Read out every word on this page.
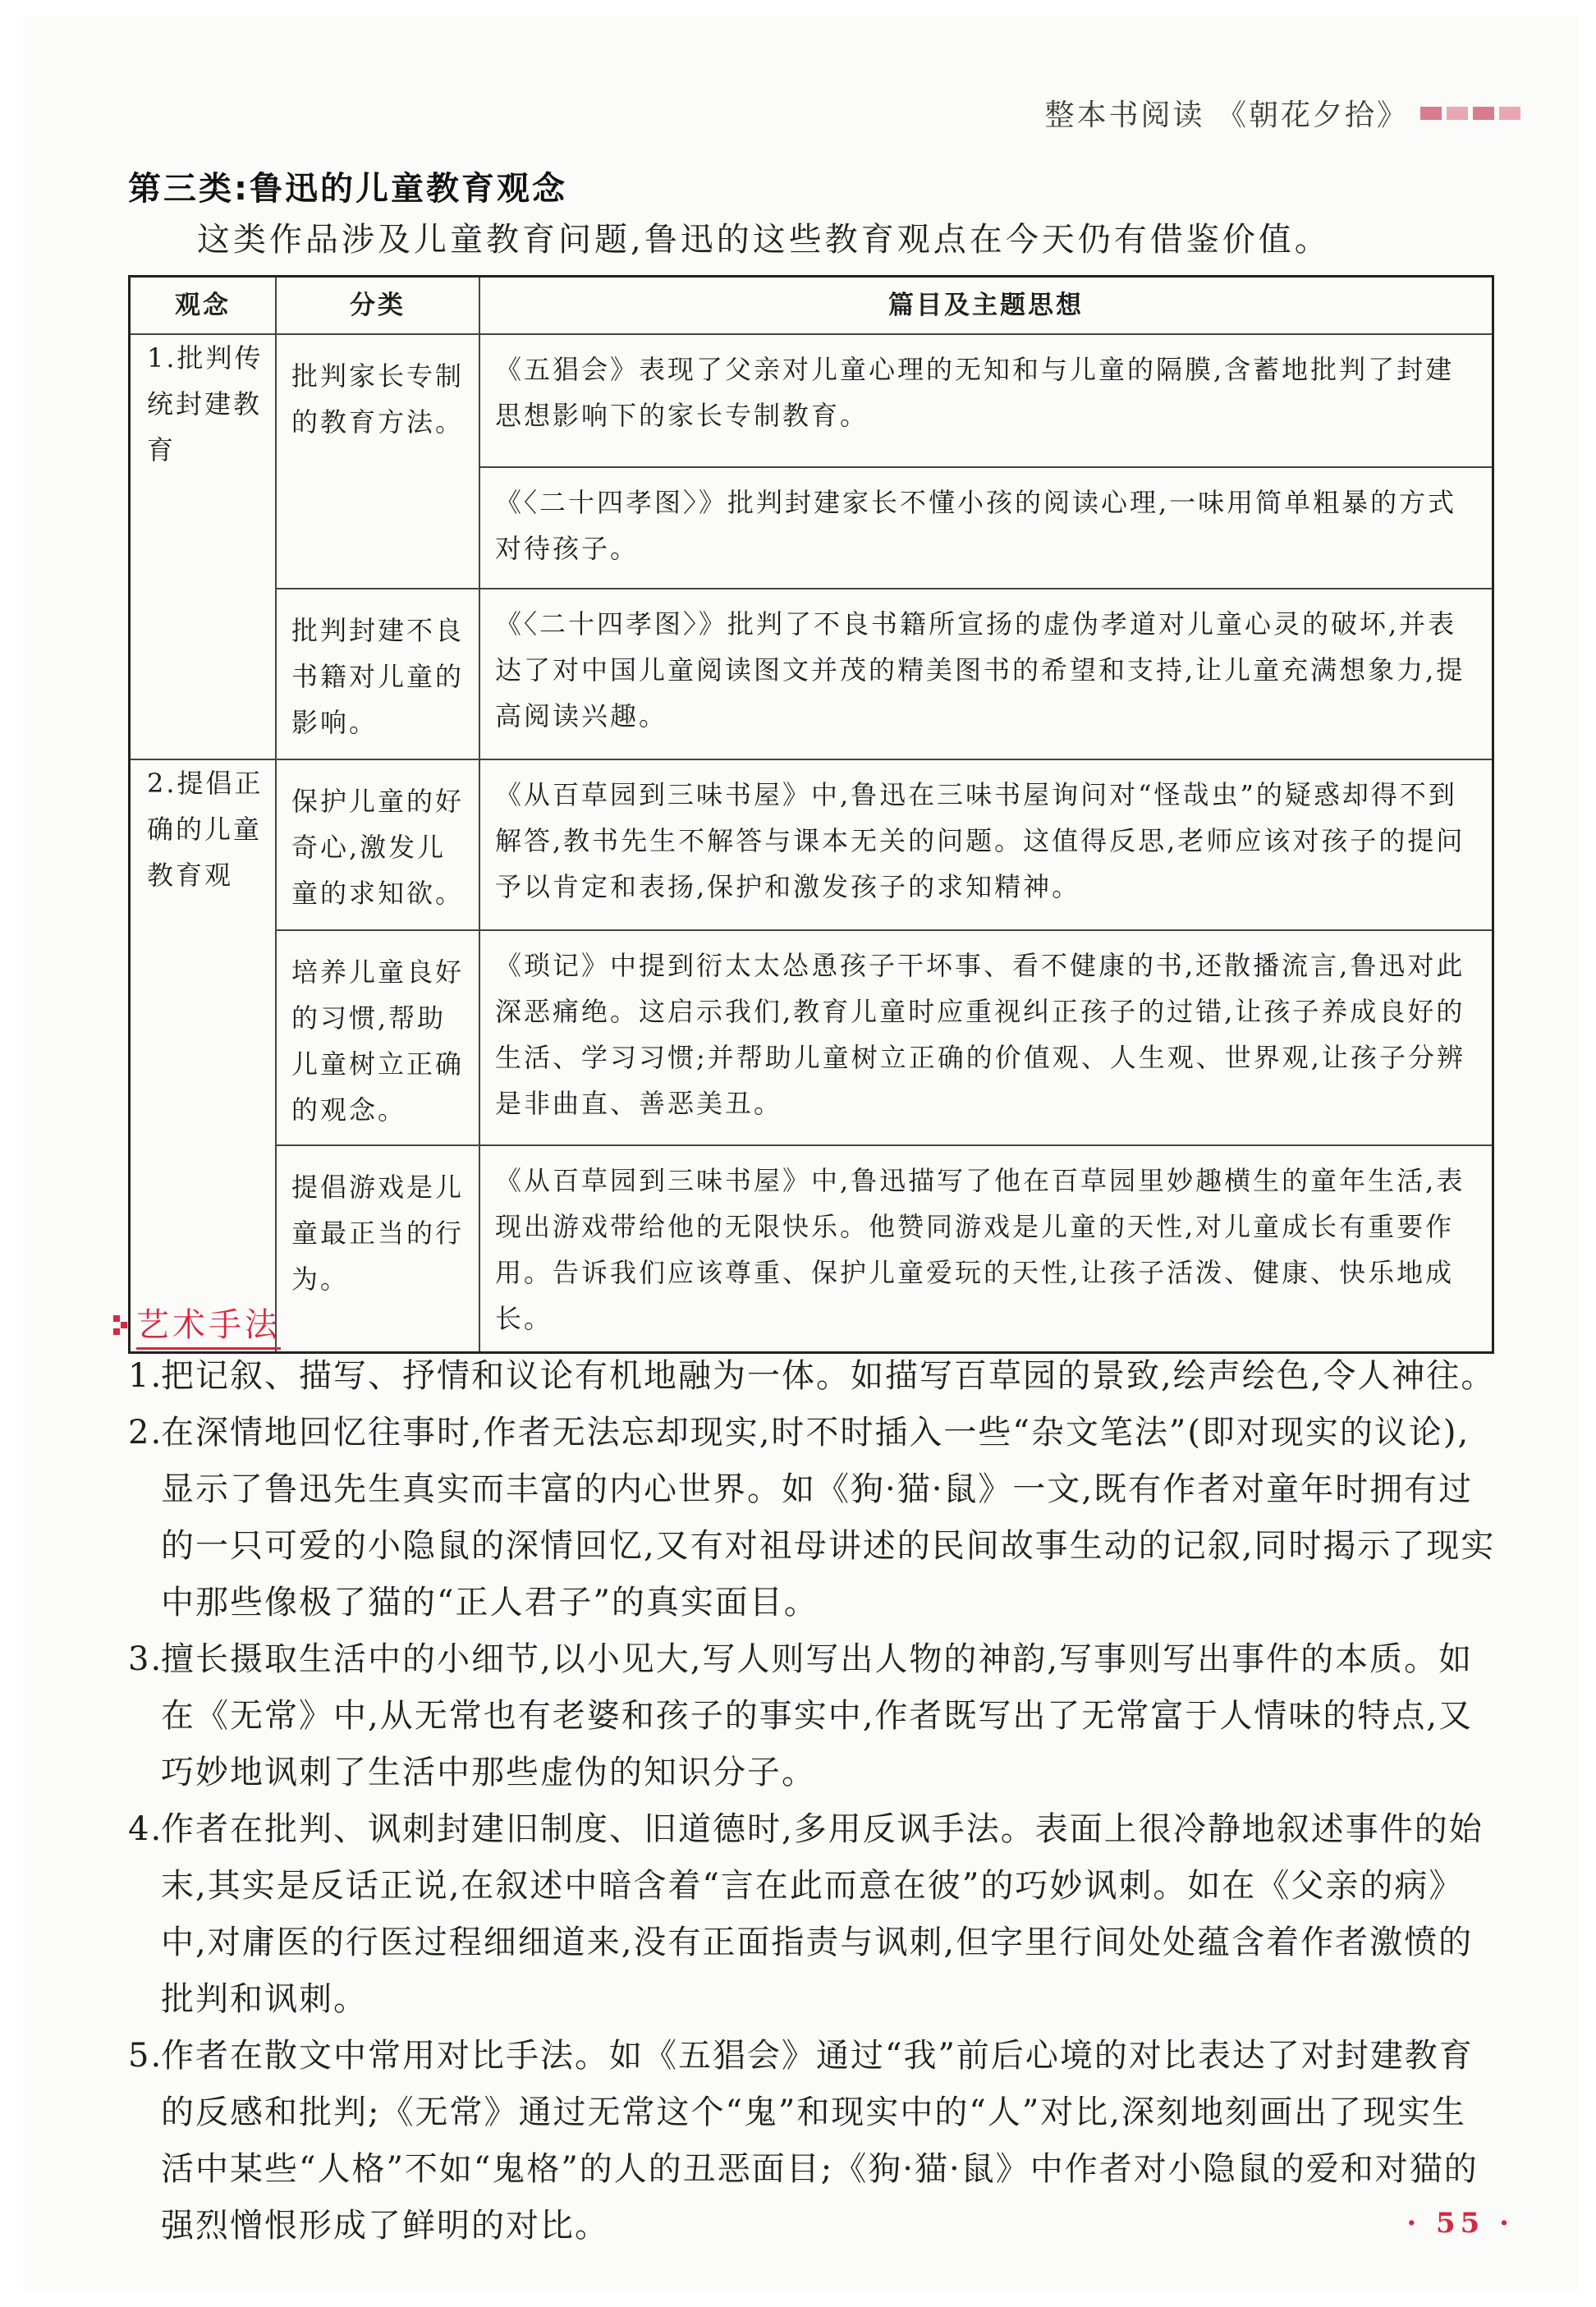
整本书阅读 《朝花夕拾》
第三类:鲁迅的儿童教育观念
这类作品涉及儿童教育问题,鲁迅的这些教育观点在今天仍有借鉴价值。
观念	分类	篇目及主题思想

1.批判传统封建教育	批判家长专制的教育方法。	《五猖会》表现了父亲对儿童心理的无知和与儿童的隔膜,含蓄地批判了封建思想影响下的家长专制教育。
		《〈二十四孝图〉》批判封建家长不懂小孩的阅读心理,一味用简单粗暴的方式对待孩子。
	批判封建不良书籍对儿童的影响。	《〈二十四孝图〉》批判了不良书籍所宣扬的虚伪孝道对儿童心灵的破坏,并表达了对中国儿童阅读图文并茂的精美图书的希望和支持,让儿童充满想象力,提高阅读兴趣。

2.提倡正确的儿童教育观	保护儿童的好奇心,激发儿童的求知欲。	《从百草园到三味书屋》中,鲁迅在三味书屋询问对“怪哉虫”的疑惑却得不到解答,教书先生不解答与课本无关的问题。这值得反思,老师应该对孩子的提问予以肯定和表扬,保护和激发孩子的求知精神。
	培养儿童良好的习惯,帮助儿童树立正确的观念。	《琐记》中提到衍太太怂恿孩子干坏事、看不健康的书,还散播流言,鲁迅对此深恶痛绝。这启示我们,教育儿童时应重视纠正孩子的过错,让孩子养成良好的生活、学习习惯;并帮助儿童树立正确的价值观、人生观、世界观,让孩子分辨是非曲直、善恶美丑。
	提倡游戏是儿童最正当的行为。	《从百草园到三味书屋》中,鲁迅描写了他在百草园里妙趣横生的童年生活,表现出游戏带给他的无限快乐。他赞同游戏是儿童的天性,对儿童成长有重要作用。告诉我们应该尊重、保护儿童爱玩的天性,让孩子活泼、健康、快乐地成长。
艺术手法

1.把记叙、描写、抒情和议论有机地融为一体。如描写百草园的景致,绘声绘色,令人神往。

2.在深情地回忆往事时,作者无法忘却现实,时不时插入一些“杂文笔法”(即对现实的议论),显示了鲁迅先生真实而丰富的内心世界。如《狗·猫·鼠》一文,既有作者对童年时拥有过的一只可爱的小隐鼠的深情回忆,又有对祖母讲述的民间故事生动的记叙,同时揭示了现实中那些像极了猫的“正人君子”的真实面目。

3.擅长摄取生活中的小细节,以小见大,写人则写出人物的神韵,写事则写出事件的本质。如在《无常》中,从无常也有老婆和孩子的事实中,作者既写出了无常富于人情味的特点,又巧妙地讽刺了生活中那些虚伪的知识分子。

4.作者在批判、讽刺封建旧制度、旧道德时,多用反讽手法。表面上很冷静地叙述事件的始末,其实是反话正说,在叙述中暗含着“言在此而意在彼”的巧妙讽刺。如在《父亲的病》中,对庸医的行医过程细细道来,没有正面指责与讽刺,但字里行间处处蕴含着作者激愤的批判和讽刺。

5.作者在散文中常用对比手法。如《五猖会》通过“我”前后心境的对比表达了对封建教育的反感和批判;《无常》通过无常这个“鬼”和现实中的“人”对比,深刻地刻画出了现实生活中某些“人格”不如“鬼格”的人的丑恶面目;《狗·猫·鼠》中作者对小隐鼠的爱和对猫的强烈憎恨形成了鲜明的对比。	· 55 ·
